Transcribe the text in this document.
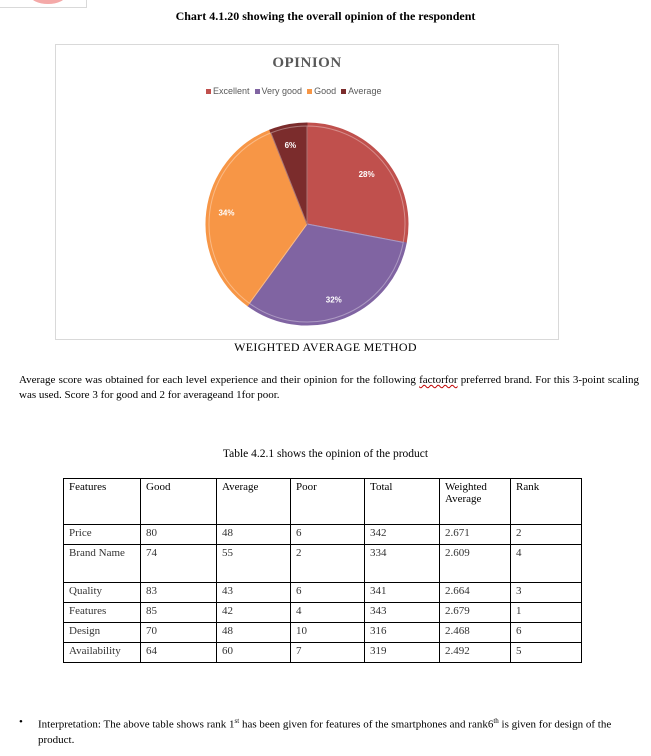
Chart 4.1.20 showing the overall opinion of the respondent
OPINION
Excellent Very good Good Average
28%
32%
34%
6%
WEIGHTED AVERAGE METHOD
Average score was obtained for each level experience and their opinion for the following factorfor preferred brand. For this 3-point scaling was used. Score 3 for good and 2 for averageand 1for poor.
Table 4.2.1 shows the opinion of the product
Features	Good	Average	Poor	Total	Weighted Average	Rank
Price	80	48	6	342	2.671	2
Brand Name	74	55	2	334	2.609	4
Quality	83	43	6	341	2.664	3
Features	85	42	4	343	2.679	1
Design	70	48	10	316	2.468	6
Availability	64	60	7	319	2.492	5
• Interpretation: The above table shows rank 1st has been given for features of the smartphones and rank6th is given for design of the product.
